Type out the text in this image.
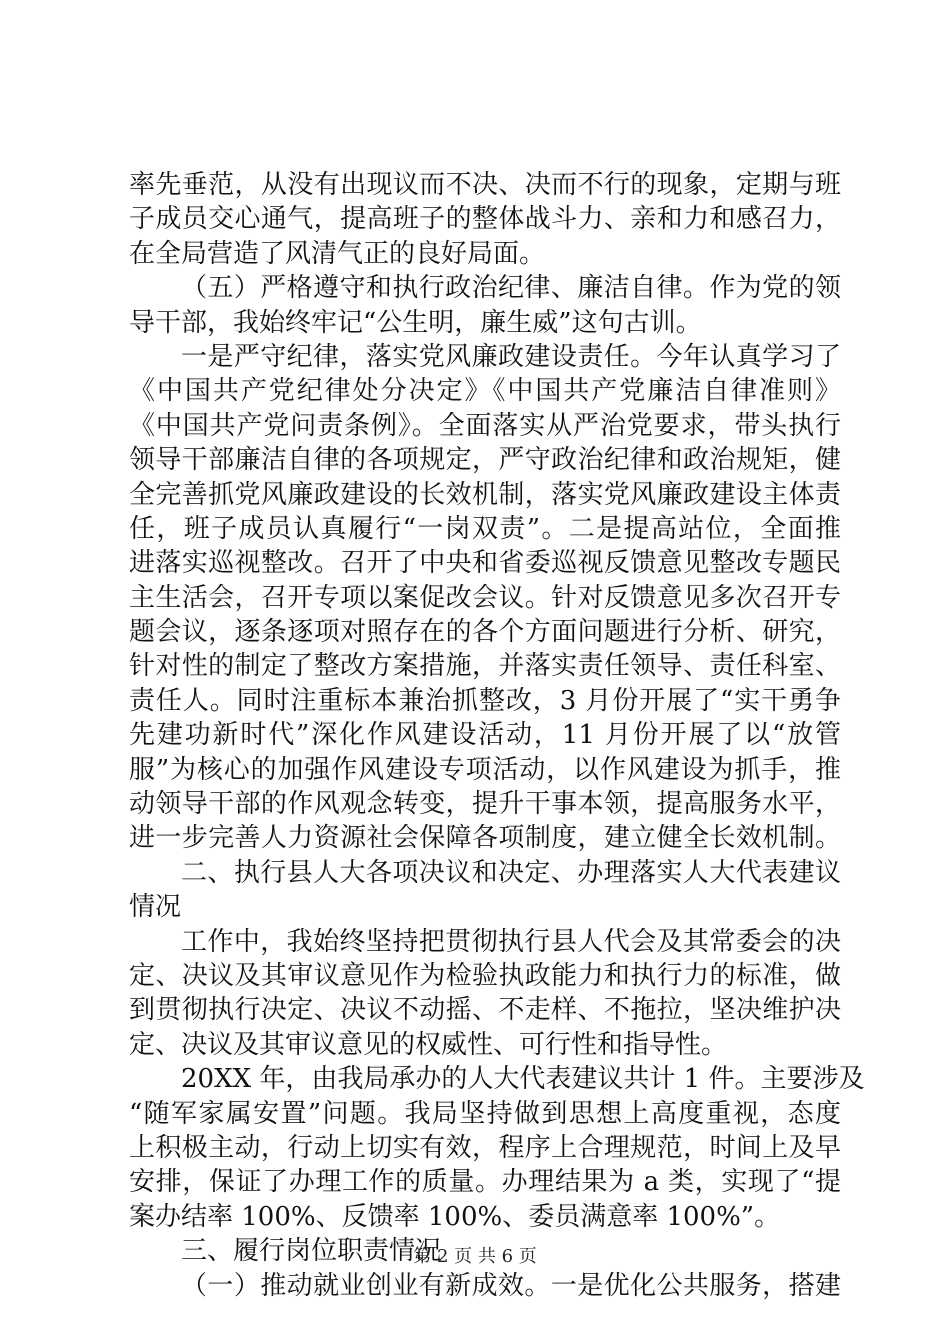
率先垂范，从没有出现议而不决、决而不行的现象，定期与班
子成员交心通气，提高班子的整体战斗力、亲和力和感召力，
在全局营造了风清气正的良好局面。
（五）严格遵守和执行政治纪律、廉洁自律。作为党的领
导干部，我始终牢记“公生明，廉生威”这句古训。
一是严守纪律，落实党风廉政建设责任。今年认真学习了
《中国共产党纪律处分决定》《中国共产党廉洁自律准则》
《中国共产党问责条例》。全面落实从严治党要求，带头执行
领导干部廉洁自律的各项规定，严守政治纪律和政治规矩，健
全完善抓党风廉政建设的长效机制，落实党风廉政建设主体责
任，班子成员认真履行“一岗双责”。二是提高站位，全面推
进落实巡视整改。召开了中央和省委巡视反馈意见整改专题民
主生活会，召开专项以案促改会议。针对反馈意见多次召开专
题会议，逐条逐项对照存在的各个方面问题进行分析、研究，
针对性的制定了整改方案措施，并落实责任领导、责任科室、
责任人。同时注重标本兼治抓整改，3 月份开展了“实干勇争
先建功新时代”深化作风建设活动，11 月份开展了以“放管
服”为核心的加强作风建设专项活动，以作风建设为抓手，推
动领导干部的作风观念转变，提升干事本领，提高服务水平，
进一步完善人力资源社会保障各项制度，建立健全长效机制。
二、执行县人大各项决议和决定、办理落实人大代表建议
情况
工作中，我始终坚持把贯彻执行县人代会及其常委会的决
定、决议及其审议意见作为检验执政能力和执行力的标准，做
到贯彻执行决定、决议不动摇、不走样、不拖拉，坚决维护决
定、决议及其审议意见的权威性、可行性和指导性。
20XX 年，由我局承办的人大代表建议共计 1 件。主要涉及
“随军家属安置”问题。我局坚持做到思想上高度重视，态度
上积极主动，行动上切实有效，程序上合理规范，时间上及早
安排，保证了办理工作的质量。办理结果为 a 类，实现了“提
案办结率 100%、反馈率 100%、委员满意率 100%”。
三、履行岗位职责情况
（一）推动就业创业有新成效。一是优化公共服务，搭建
第 2 页 共 6 页
